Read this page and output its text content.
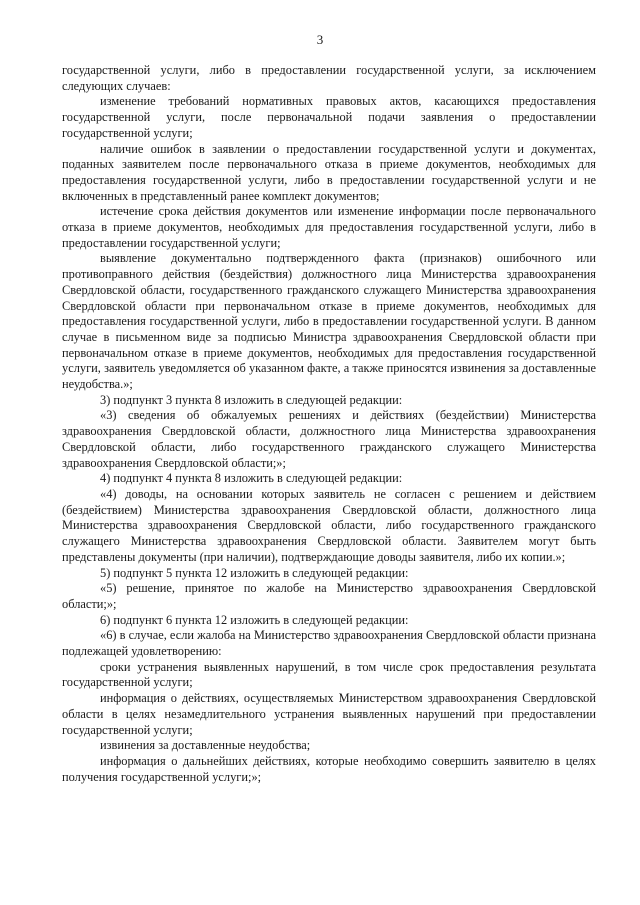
3

государственной услуги, либо в предоставлении государственной услуги, за исключением следующих случаев:

изменение требований нормативных правовых актов, касающихся предоставления государственной услуги, после первоначальной подачи заявления о предоставлении государственной услуги;

наличие ошибок в заявлении о предоставлении государственной услуги и документах, поданных заявителем после первоначального отказа в приеме документов, необходимых для предоставления государственной услуги, либо в предоставлении государственной услуги и не включенных в представленный ранее комплект документов;

истечение срока действия документов или изменение информации после первоначального отказа в приеме документов, необходимых для предоставления государственной услуги, либо в предоставлении государственной услуги;

выявление документально подтвержденного факта (признаков) ошибочного или противоправного действия (бездействия) должностного лица Министерства здравоохранения Свердловской области, государственного гражданского служащего Министерства здравоохранения Свердловской области при первоначальном отказе в приеме документов, необходимых для предоставления государственной услуги, либо в предоставлении государственной услуги. В данном случае в письменном виде за подписью Министра здравоохранения Свердловской области при первоначальном отказе в приеме документов, необходимых для предоставления государственной услуги, заявитель уведомляется об указанном факте, а также приносятся извинения за доставленные неудобства.»;

3) подпункт 3 пункта 8 изложить в следующей редакции:

«3) сведения об обжалуемых решениях и действиях (бездействии) Министерства здравоохранения Свердловской области, должностного лица Министерства здравоохранения Свердловской области, либо государственного гражданского служащего Министерства здравоохранения Свердловской области;»;

4) подпункт 4 пункта 8 изложить в следующей редакции:

«4) доводы, на основании которых заявитель не согласен с решением и действием (бездействием) Министерства здравоохранения Свердловской области, должностного лица Министерства здравоохранения Свердловской области, либо государственного гражданского служащего Министерства здравоохранения Свердловской области. Заявителем могут быть представлены документы (при наличии), подтверждающие доводы заявителя, либо их копии.»;

5) подпункт 5 пункта 12 изложить в следующей редакции:

«5) решение, принятое по жалобе на Министерство здравоохранения Свердловской области;»;

6) подпункт 6 пункта 12 изложить в следующей редакции:

«6) в случае, если жалоба на Министерство здравоохранения Свердловской области признана подлежащей удовлетворению:

сроки устранения выявленных нарушений, в том числе срок предоставления результата государственной услуги;

информация о действиях, осуществляемых Министерством здравоохранения Свердловской области в целях незамедлительного устранения выявленных нарушений при предоставлении государственной услуги;

извинения за доставленные неудобства;

информация о дальнейших действиях, которые необходимо совершить заявителю в целях получения государственной услуги;»;
